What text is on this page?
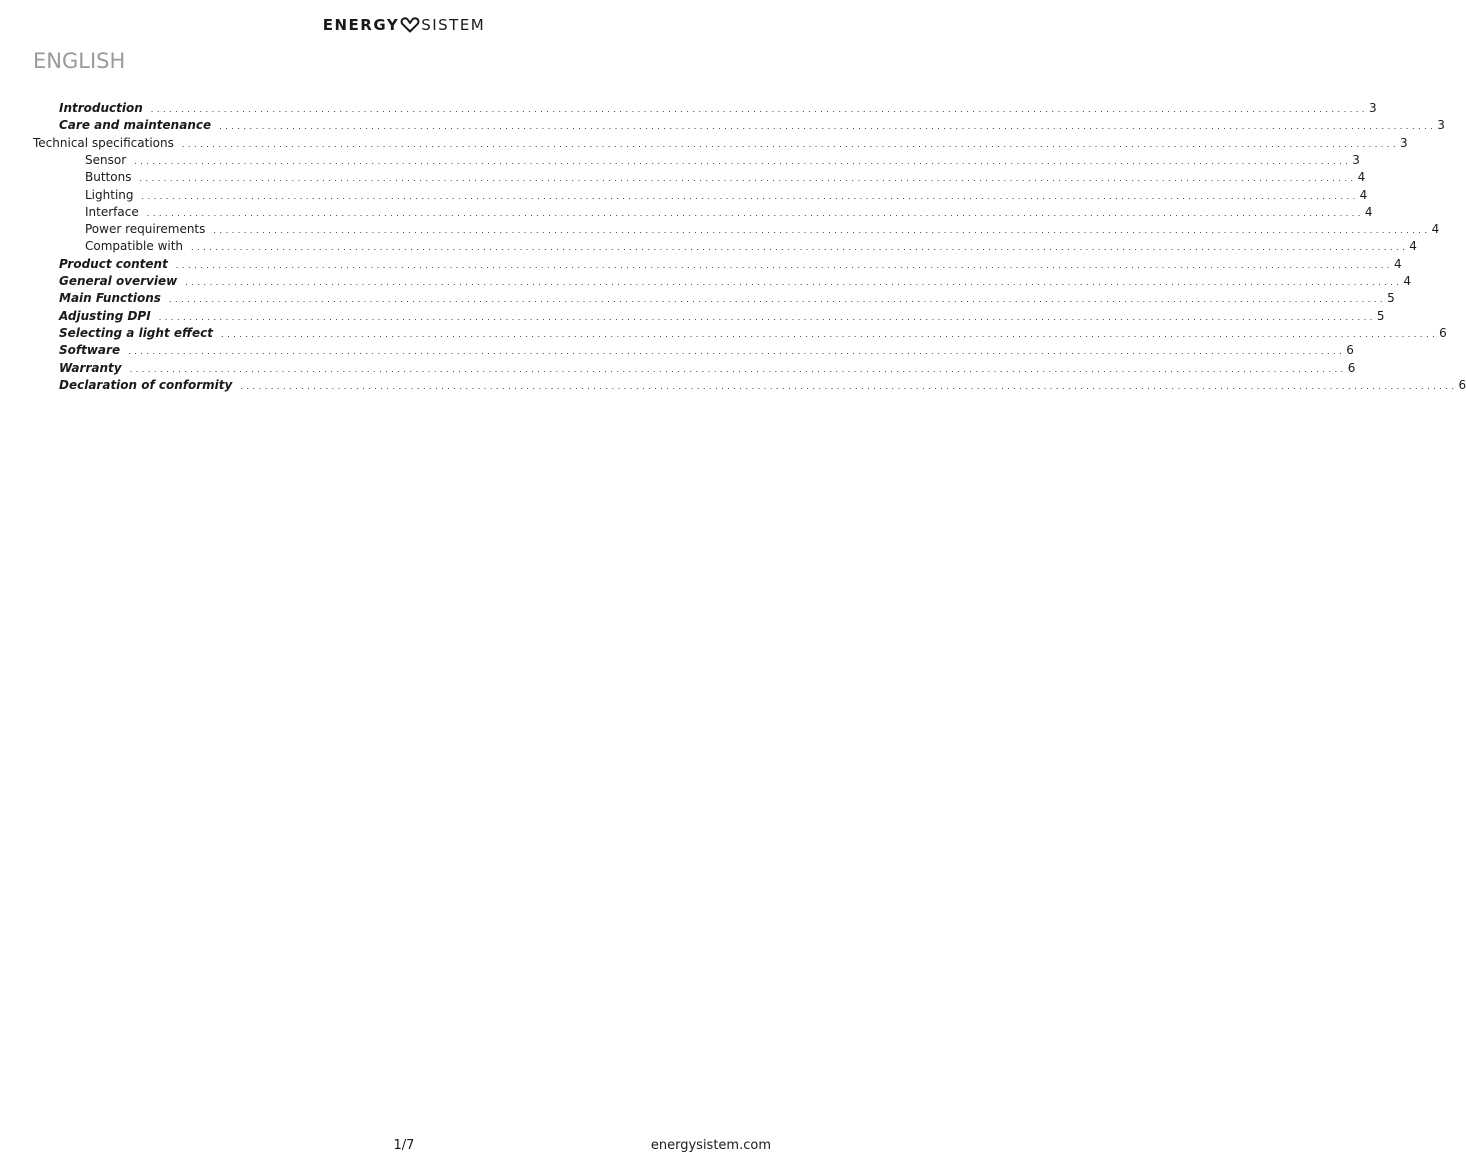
ENERGY SISTEM
ENGLISH
Introduction . . . . . . . . . . . . . . . . . . . . . . . . . . . . . . . . . . . . . . . . . . . . . . . . . . . . . . . . . . . . . . . . . . . . . . . . . . . . . . . . . . . . . . . . . . . . . . . . . . . . . . . . . . . . . . . . . . . . . . . . . . . . . . . . . . . . . . . . . . . . . . . . . . . . . . . . . . . . . . . . . . . . . . . . . . . . . . . . . . . . . . . . . . . . . . . . . . . . . . . . 3
Care and maintenance . . . . . . . . . . . . . . . . . . . . . . . . . . . . . . . . . . . . . . . . . . . . . . . . . . . . . . . . . . . . . . . . . . . . . . . . . . . . . . . . . . . . . . . . . . . . . . . . . . . . . . . . . . . . . . . . . . . . . . . . . . . . . . . . . . . . . . . . . . . . . . . . . . . . . . . . . . . . . . . . . . . . . . . . . . . . . . . . . . . . . . . . . . . . . . . . . . . . . . . . 3
Technical specifications . . . . . . . . . . . . . . . . . . . . . . . . . . . . . . . . . . . . . . . . . . . . . . . . . . . . . . . . . . . . . . . . . . . . . . . . . . . . . . . . . . . . . . . . . . . . . . . . . . . . . . . . . . . . . . . . . . . . . . . . . . . . . . . . . . . . . . . . . . . . . . . . . . . . . . . . . . . . . . . . . . . . . . . . . . . . . . . . . . . . . . . . . . . . . . . . . . . . . . . . 3
Sensor . . . . . . . . . . . . . . . . . . . . . . . . . . . . . . . . . . . . . . . . . . . . . . . . . . . . . . . . . . . . . . . . . . . . . . . . . . . . . . . . . . . . . . . . . . . . . . . . . . . . . . . . . . . . . . . . . . . . . . . . . . . . . . . . . . . . . . . . . . . . . . . . . . . . . . . . . . . . . . . . . . . . . . . . . . . . . . . . . . . . . . . . . . . . . . . . . . . . . . . . 3
Buttons . . . . . . . . . . . . . . . . . . . . . . . . . . . . . . . . . . . . . . . . . . . . . . . . . . . . . . . . . . . . . . . . . . . . . . . . . . . . . . . . . . . . . . . . . . . . . . . . . . . . . . . . . . . . . . . . . . . . . . . . . . . . . . . . . . . . . . . . . . . . . . . . . . . . . . . . . . . . . . . . . . . . . . . . . . . . . . . . . . . . . . . . . . . . . . . . . . . . . . . . 4
Lighting . . . . . . . . . . . . . . . . . . . . . . . . . . . . . . . . . . . . . . . . . . . . . . . . . . . . . . . . . . . . . . . . . . . . . . . . . . . . . . . . . . . . . . . . . . . . . . . . . . . . . . . . . . . . . . . . . . . . . . . . . . . . . . . . . . . . . . . . . . . . . . . . . . . . . . . . . . . . . . . . . . . . . . . . . . . . . . . . . . . . . . . . . . . . . . . . . . . . . . . . 4
Interface . . . . . . . . . . . . . . . . . . . . . . . . . . . . . . . . . . . . . . . . . . . . . . . . . . . . . . . . . . . . . . . . . . . . . . . . . . . . . . . . . . . . . . . . . . . . . . . . . . . . . . . . . . . . . . . . . . . . . . . . . . . . . . . . . . . . . . . . . . . . . . . . . . . . . . . . . . . . . . . . . . . . . . . . . . . . . . . . . . . . . . . . . . . . . . . . . . . . . . . . 4
Power requirements . . . . . . . . . . . . . . . . . . . . . . . . . . . . . . . . . . . . . . . . . . . . . . . . . . . . . . . . . . . . . . . . . . . . . . . . . . . . . . . . . . . . . . . . . . . . . . . . . . . . . . . . . . . . . . . . . . . . . . . . . . . . . . . . . . . . . . . . . . . . . . . . . . . . . . . . . . . . . . . . . . . . . . . . . . . . . . . . . . . . . . . . . . . . . . . . . . . . . . . . 4
Compatible with . . . . . . . . . . . . . . . . . . . . . . . . . . . . . . . . . . . . . . . . . . . . . . . . . . . . . . . . . . . . . . . . . . . . . . . . . . . . . . . . . . . . . . . . . . . . . . . . . . . . . . . . . . . . . . . . . . . . . . . . . . . . . . . . . . . . . . . . . . . . . . . . . . . . . . . . . . . . . . . . . . . . . . . . . . . . . . . . . . . . . . . . . . . . . . . . . . . . . . . . 4
Product content . . . . . . . . . . . . . . . . . . . . . . . . . . . . . . . . . . . . . . . . . . . . . . . . . . . . . . . . . . . . . . . . . . . . . . . . . . . . . . . . . . . . . . . . . . . . . . . . . . . . . . . . . . . . . . . . . . . . . . . . . . . . . . . . . . . . . . . . . . . . . . . . . . . . . . . . . . . . . . . . . . . . . . . . . . . . . . . . . . . . . . . . . . . . . . . . . . . . . . . . 4
General overview . . . . . . . . . . . . . . . . . . . . . . . . . . . . . . . . . . . . . . . . . . . . . . . . . . . . . . . . . . . . . . . . . . . . . . . . . . . . . . . . . . . . . . . . . . . . . . . . . . . . . . . . . . . . . . . . . . . . . . . . . . . . . . . . . . . . . . . . . . . . . . . . . . . . . . . . . . . . . . . . . . . . . . . . . . . . . . . . . . . . . . . . . . . . . . . . . . . . . . . . 4
Main Functions . . . . . . . . . . . . . . . . . . . . . . . . . . . . . . . . . . . . . . . . . . . . . . . . . . . . . . . . . . . . . . . . . . . . . . . . . . . . . . . . . . . . . . . . . . . . . . . . . . . . . . . . . . . . . . . . . . . . . . . . . . . . . . . . . . . . . . . . . . . . . . . . . . . . . . . . . . . . . . . . . . . . . . . . . . . . . . . . . . . . . . . . . . . . . . . . . . . . . . . . 5
Adjusting DPI . . . . . . . . . . . . . . . . . . . . . . . . . . . . . . . . . . . . . . . . . . . . . . . . . . . . . . . . . . . . . . . . . . . . . . . . . . . . . . . . . . . . . . . . . . . . . . . . . . . . . . . . . . . . . . . . . . . . . . . . . . . . . . . . . . . . . . . . . . . . . . . . . . . . . . . . . . . . . . . . . . . . . . . . . . . . . . . . . . . . . . . . . . . . . . . . . . . . . . . . 5
Selecting a light effect . . . . . . . . . . . . . . . . . . . . . . . . . . . . . . . . . . . . . . . . . . . . . . . . . . . . . . . . . . . . . . . . . . . . . . . . . . . . . . . . . . . . . . . . . . . . . . . . . . . . . . . . . . . . . . . . . . . . . . . . . . . . . . . . . . . . . . . . . . . . . . . . . . . . . . . . . . . . . . . . . . . . . . . . . . . . . . . . . . . . . . . . . . . . . . . . . . . . . . . . 6
Software . . . . . . . . . . . . . . . . . . . . . . . . . . . . . . . . . . . . . . . . . . . . . . . . . . . . . . . . . . . . . . . . . . . . . . . . . . . . . . . . . . . . . . . . . . . . . . . . . . . . . . . . . . . . . . . . . . . . . . . . . . . . . . . . . . . . . . . . . . . . . . . . . . . . . . . . . . . . . . . . . . . . . . . . . . . . . . . . . . . . . . . . . . . . . . . . . . . . . . . . 6
Warranty . . . . . . . . . . . . . . . . . . . . . . . . . . . . . . . . . . . . . . . . . . . . . . . . . . . . . . . . . . . . . . . . . . . . . . . . . . . . . . . . . . . . . . . . . . . . . . . . . . . . . . . . . . . . . . . . . . . . . . . . . . . . . . . . . . . . . . . . . . . . . . . . . . . . . . . . . . . . . . . . . . . . . . . . . . . . . . . . . . . . . . . . . . . . . . . . . . . . . . . . 6
Declaration of conformity . . . . . . . . . . . . . . . . . . . . . . . . . . . . . . . . . . . . . . . . . . . . . . . . . . . . . . . . . . . . . . . . . . . . . . . . . . . . . . . . . . . . . . . . . . . . . . . . . . . . . . . . . . . . . . . . . . . . . . . . . . . . . . . . . . . . . . . . . . . . . . . . . . . . . . . . . . . . . . . . . . . . . . . . . . . . . . . . . . . . . . . . . . . . . . . . . . . . . . . . 6
1/7	energysistem.com
